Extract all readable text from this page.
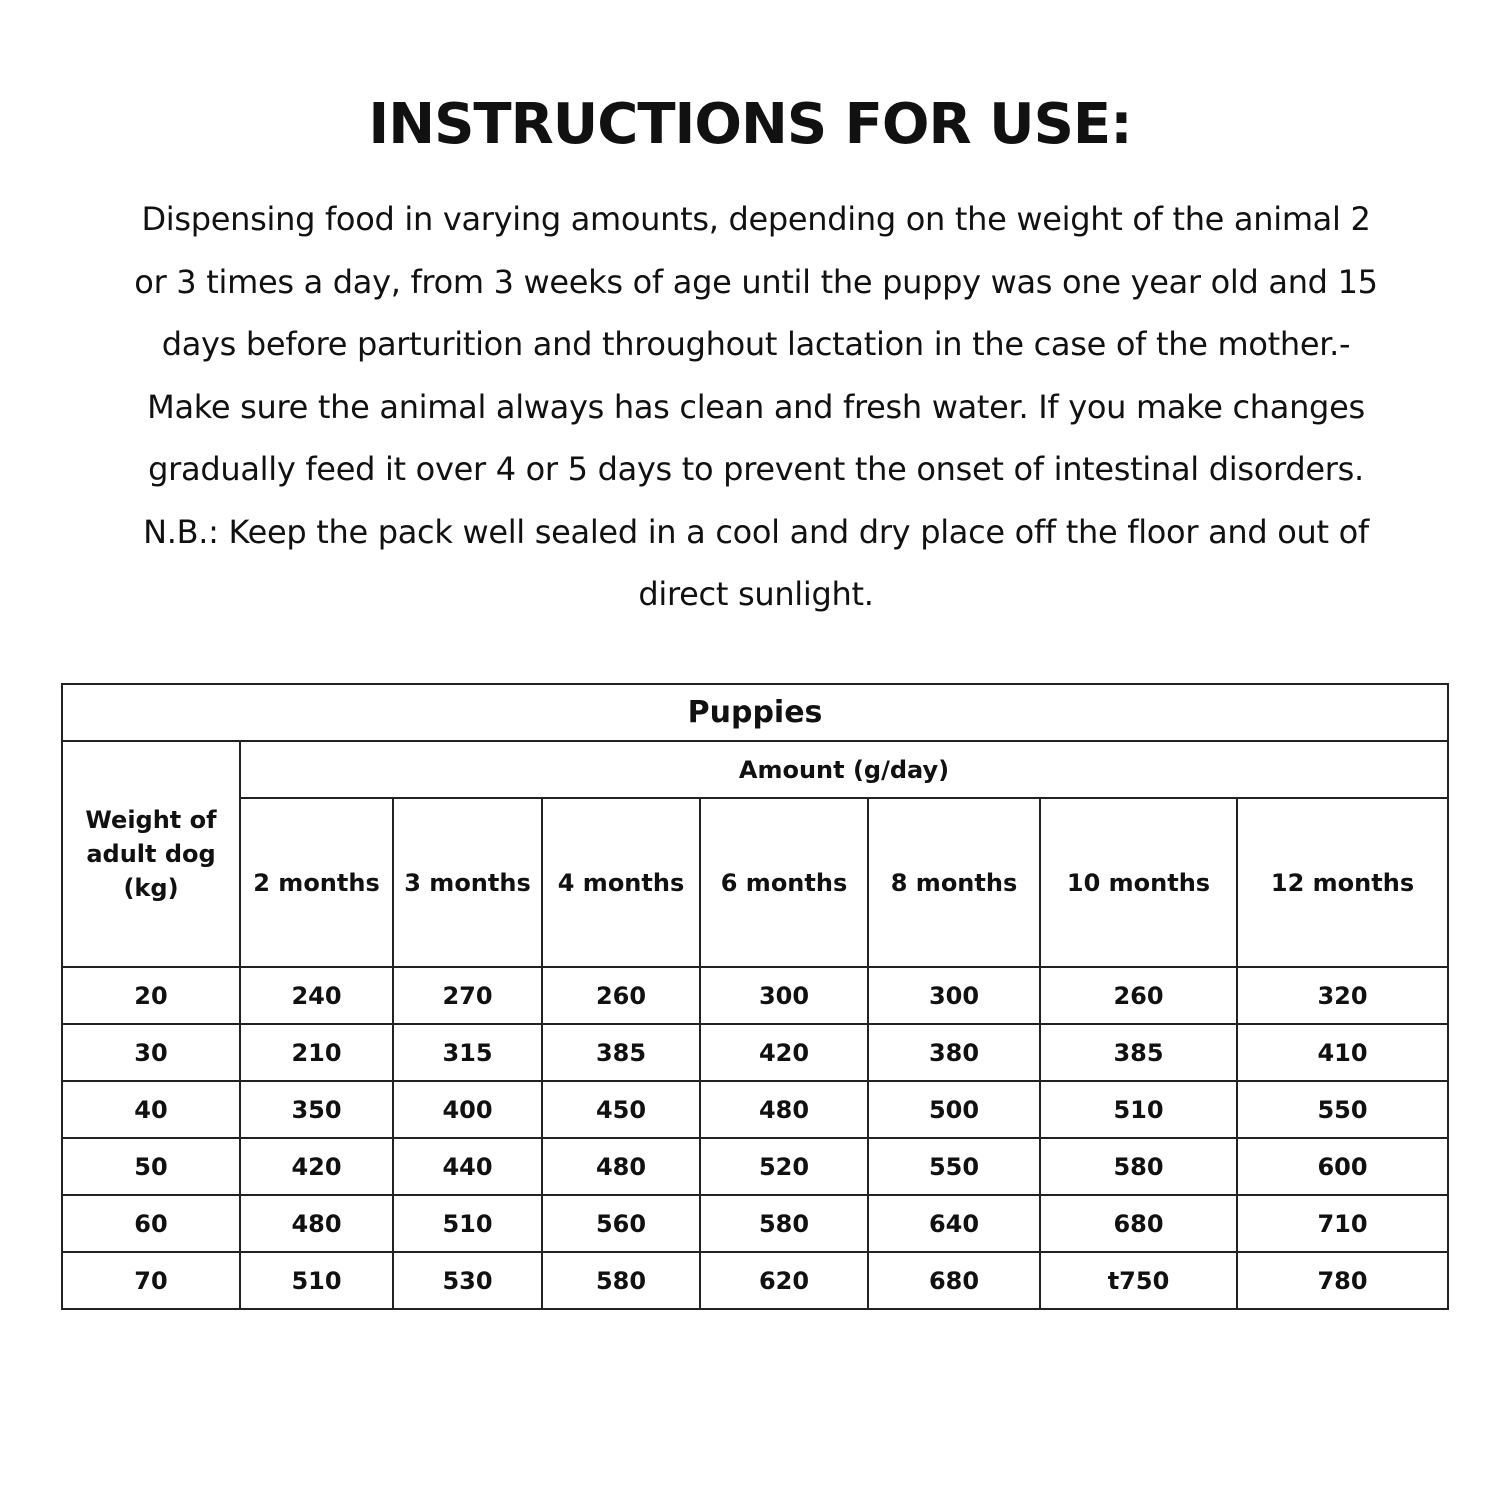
INSTRUCTIONS FOR USE:

Dispensing food in varying amounts, depending on the weight of the animal 2
or 3 times a day, from 3 weeks of age until the puppy was one year old and 15
days before parturition and throughout lactation in the case of the mother.-
Make sure the animal always has clean and fresh water. If you make changes
gradually feed it over 4 or 5 days to prevent the onset of intestinal disorders.
N.B.: Keep the pack well sealed in a cool and dry place off the floor and out of
direct sunlight.

Puppies							
Weight of
adult dog
(kg)	Amount (g/day)						
	2 months	3 months	4 months	6 months	8 months	10 months	12 months
20	240	270	260	300	300	260	320
30	210	315	385	420	380	385	410
40	350	400	450	480	500	510	550
50	420	440	480	520	550	580	600
60	480	510	560	580	640	680	710
70	510	530	580	620	680	t750	780
